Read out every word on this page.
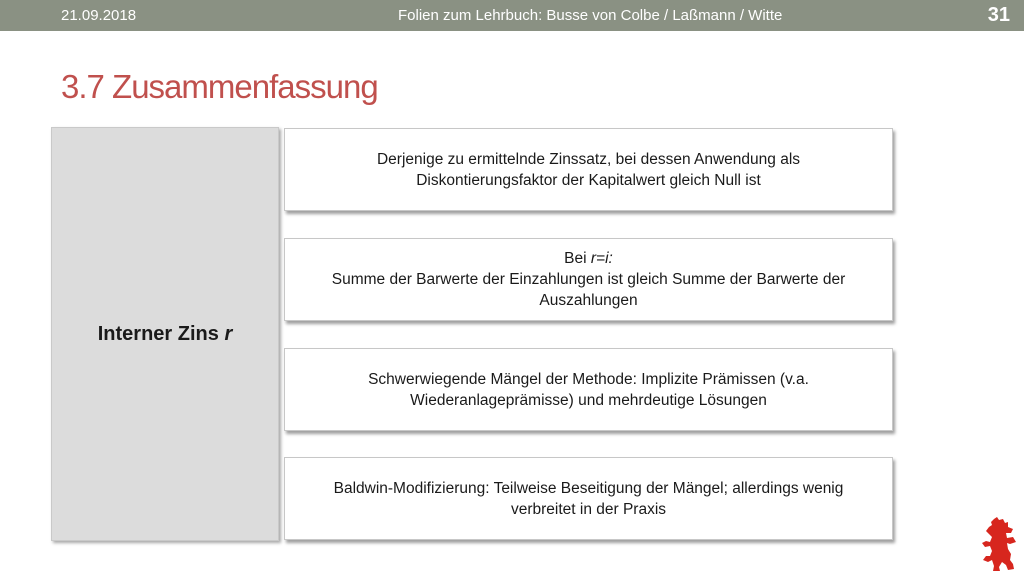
21.09.2018	Folien zum Lehrbuch: Busse von Colbe / Laßmann / Witte	31
3.7 Zusammenfassung
Interner Zins r
Derjenige zu ermittelnde Zinssatz, bei dessen Anwendung als
Diskontierungsfaktor der Kapitalwert gleich Null ist
Bei r=i:
Summe der Barwerte der Einzahlungen ist gleich Summe der Barwerte der
Auszahlungen
Schwerwiegende Mängel der Methode: Implizite Prämissen (v.a.
Wiederanlageprämisse) und mehrdeutige Lösungen
Baldwin-Modifizierung: Teilweise Beseitigung der Mängel; allerdings wenig
verbreitet in der Praxis
